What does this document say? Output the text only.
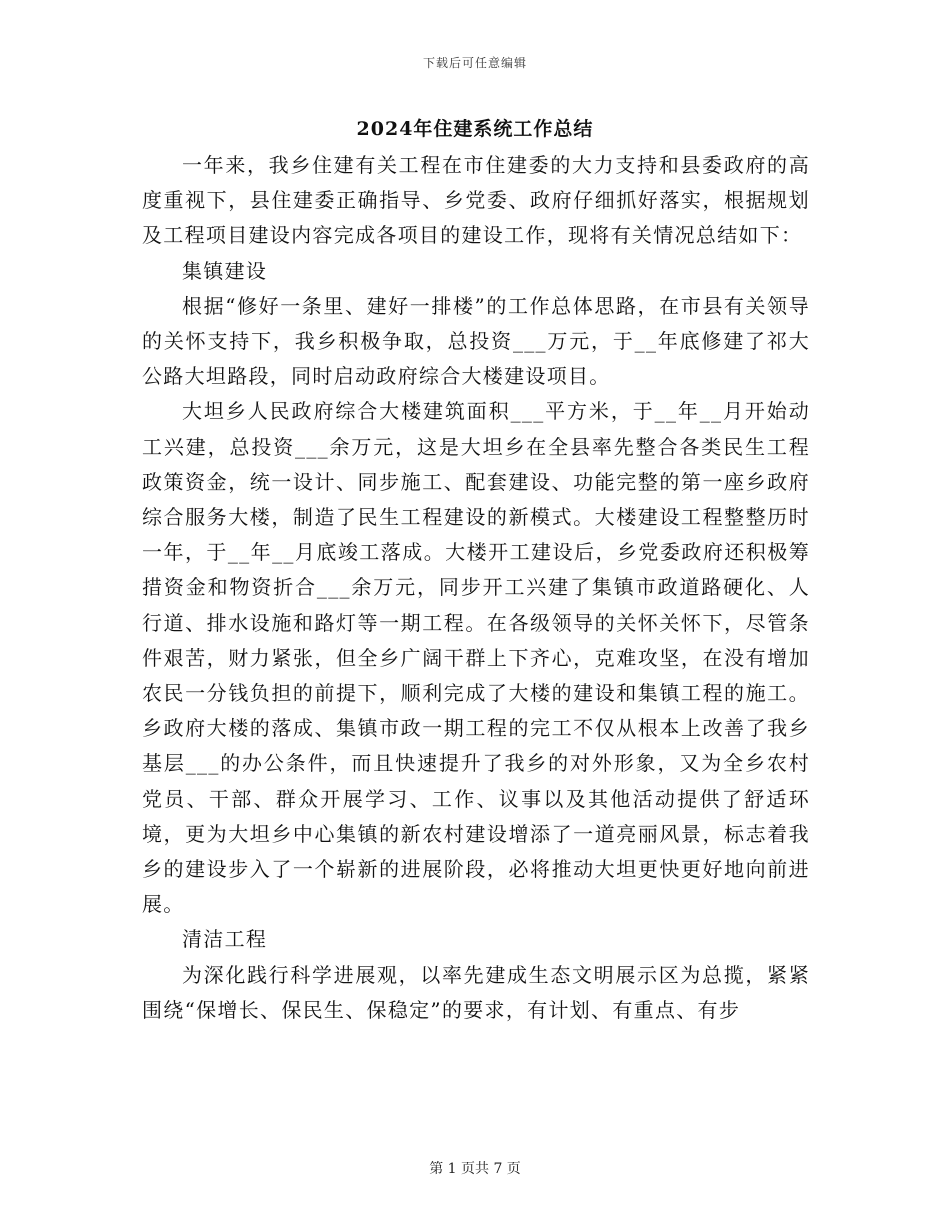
下载后可任意编辑
2024年住建系统工作总结

一年来，我乡住建有关工程在市住建委的大力支持和县委政府的高度重视下，县住建委正确指导、乡党委、政府仔细抓好落实，根据规划及工程项目建设内容完成各项目的建设工作，现将有关情况总结如下：

集镇建设

根据“修好一条里、建好一排楼”的工作总体思路，在市县有关领导的关怀支持下，我乡积极争取，总投资___万元，于__年底修建了祁大公路大坦路段，同时启动政府综合大楼建设项目。

大坦乡人民政府综合大楼建筑面积___平方米，于__年__月开始动工兴建，总投资___余万元，这是大坦乡在全县率先整合各类民生工程政策资金，统一设计、同步施工、配套建设、功能完整的第一座乡政府综合服务大楼，制造了民生工程建设的新模式。大楼建设工程整整历时一年，于__年__月底竣工落成。大楼开工建设后，乡党委政府还积极筹措资金和物资折合___余万元，同步开工兴建了集镇市政道路硬化、人行道、排水设施和路灯等一期工程。在各级领导的关怀关怀下，尽管条件艰苦，财力紧张，但全乡广阔干群上下齐心，克难攻坚，在没有增加农民一分钱负担的前提下，顺利完成了大楼的建设和集镇工程的施工。乡政府大楼的落成、集镇市政一期工程的完工不仅从根本上改善了我乡基层___的办公条件，而且快速提升了我乡的对外形象，又为全乡农村党员、干部、群众开展学习、工作、议事以及其他活动提供了舒适环境，更为大坦乡中心集镇的新农村建设增添了一道亮丽风景，标志着我乡的建设步入了一个崭新的进展阶段，必将推动大坦更快更好地向前进展。

清洁工程

为深化践行科学进展观，以率先建成生态文明展示区为总揽，紧紧围绕“保增长、保民生、保稳定”的要求，有计划、有重点、有步

第 1 页共 7 页
